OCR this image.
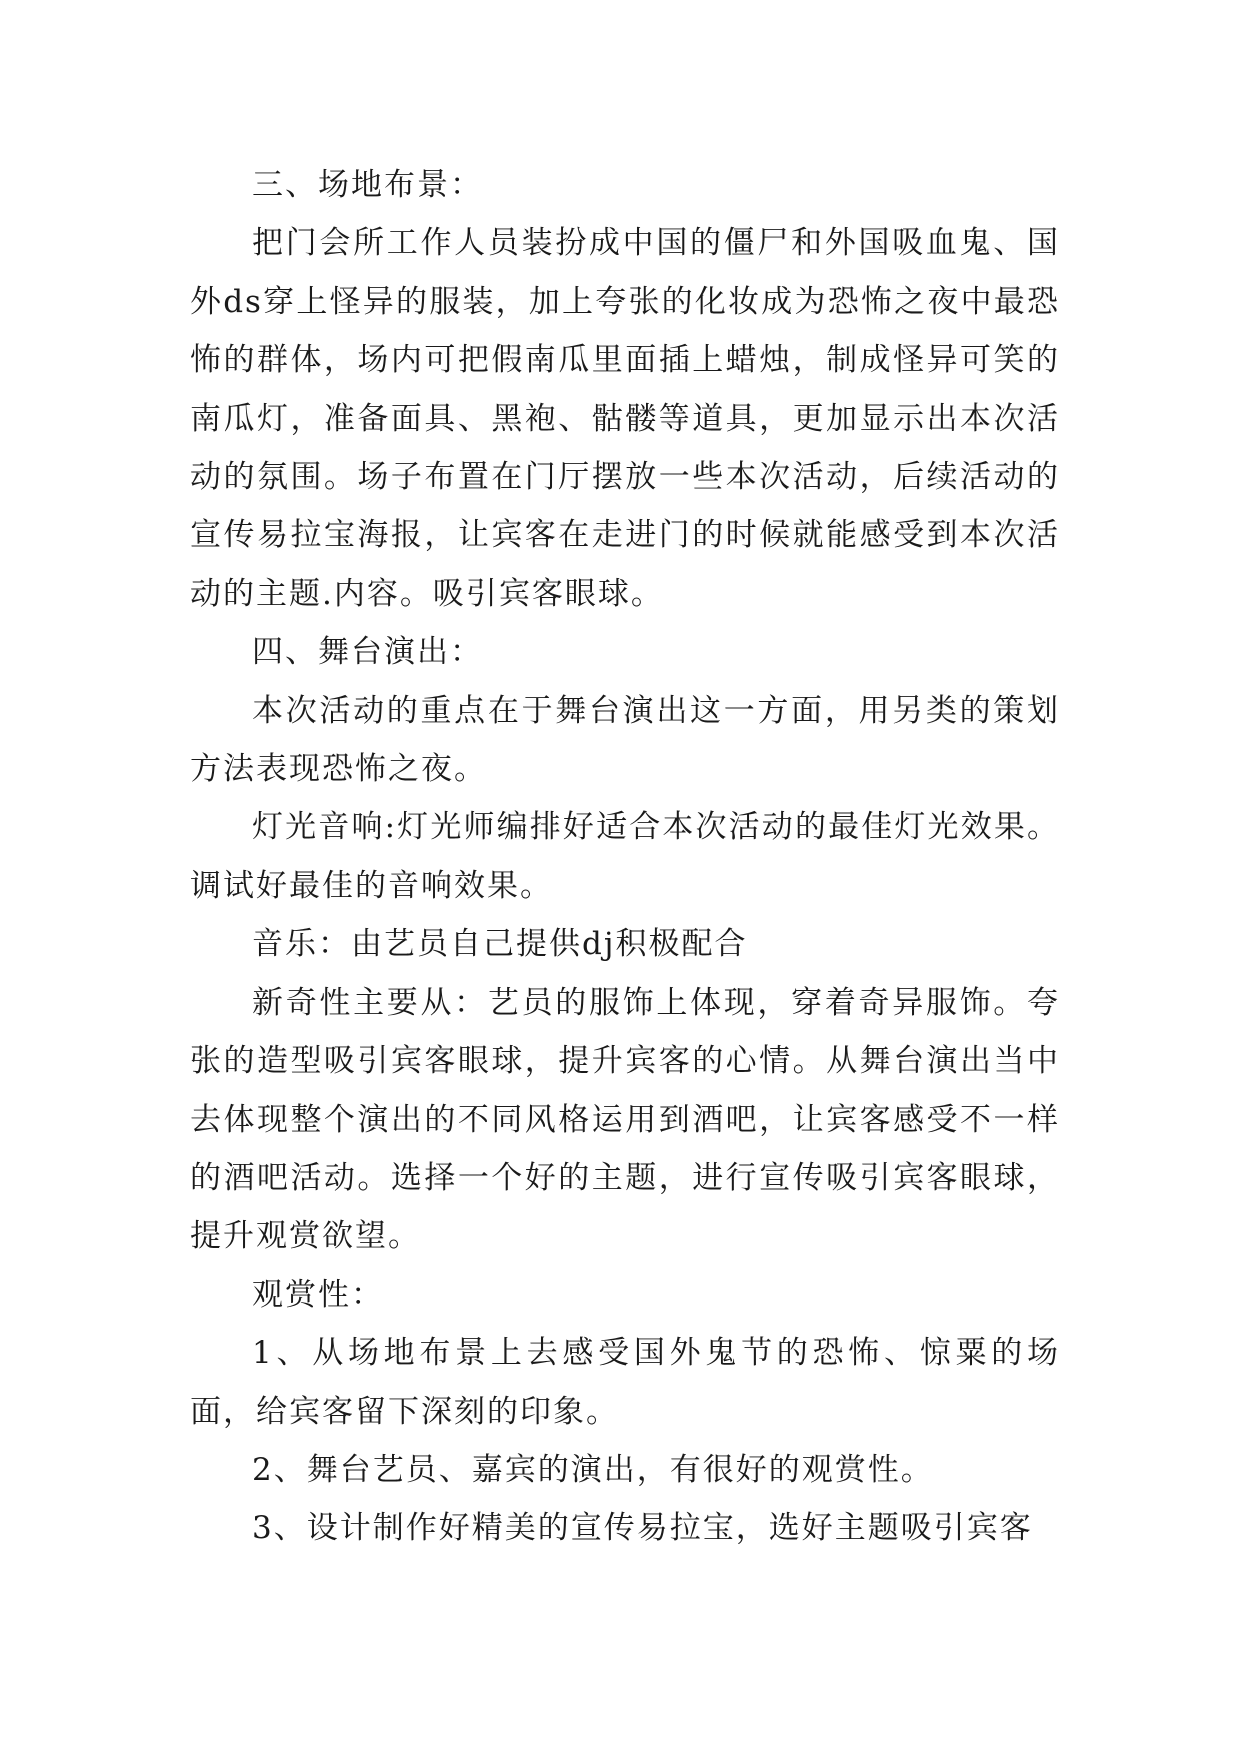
三、场地布景：

把门会所工作人员装扮成中国的僵尸和外国吸血鬼、国外ds穿上怪异的服装，加上夸张的化妆成为恐怖之夜中最恐怖的群体，场内可把假南瓜里面插上蜡烛，制成怪异可笑的南瓜灯，准备面具、黑袍、骷髅等道具，更加显示出本次活动的氛围。场子布置在门厅摆放一些本次活动，后续活动的宣传易拉宝海报，让宾客在走进门的时候就能感受到本次活动的主题.内容。吸引宾客眼球。

四、舞台演出：

本次活动的重点在于舞台演出这一方面，用另类的策划方法表现恐怖之夜。

灯光音响:灯光师编排好适合本次活动的最佳灯光效果。调试好最佳的音响效果。

音乐：由艺员自己提供dj积极配合

新奇性主要从：艺员的服饰上体现，穿着奇异服饰。夸张的造型吸引宾客眼球，提升宾客的心情。从舞台演出当中去体现整个演出的不同风格运用到酒吧，让宾客感受不一样的酒吧活动。选择一个好的主题，进行宣传吸引宾客眼球，提升观赏欲望。

观赏性：

1、从场地布景上去感受国外鬼节的恐怖、惊粟的场面，给宾客留下深刻的印象。

2、舞台艺员、嘉宾的演出，有很好的观赏性。

3、设计制作好精美的宣传易拉宝，选好主题吸引宾客
